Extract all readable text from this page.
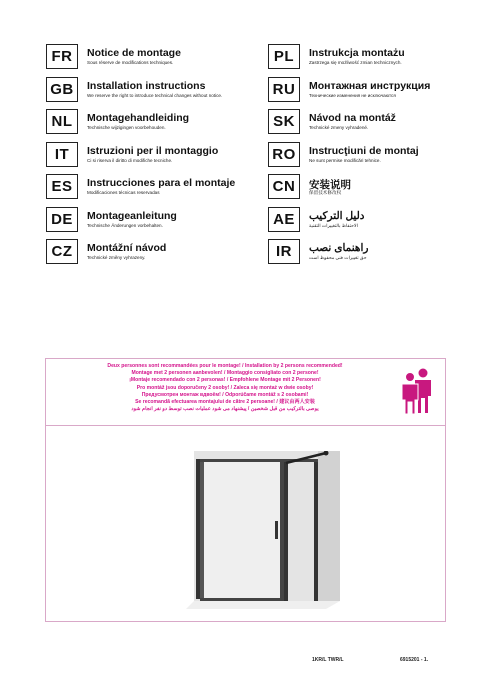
FR	Notice de montage
Sous réserve de modifications techniques.
GB	Installation instructions
We reserve the right to introduce technical changes without notice.
NL	Montagehandleiding
Technische wijzigingen voorbehouden.
IT	Istruzioni per il montaggio
Ci si riserva il diritto di modifiche tecniche.
ES	Instrucciones para el montaje
Modificaciones técnicas reservadas
DE	Montageanleitung
Technische Änderungen vorbehalten.
CZ	Montážní návod
Technické změny vyhrazeny.
PL	Instrukcja montażu
Zastrzega się możliwość zmian technicznych.
RU	Монтажная инструкция
Технические изменения не исключаются
SK	Návod na montáž
Technické zmeny vyhradené.
RO	Instrucţiuni de montaj
Ne sunt permise modificări tehnice.
CN	安装说明
保留技术修改权
AE	دليل التركيب
الاحتفاظ بالتغييرات التقنية
IR	راهنمای نصب
حق تغییرات فنی محفوظ است
Deux personnes sont recommandées pour le montage! / Installation by 2 persons recommended!
Montage met 2 personen aanbevolen! / Montaggio consigliato con 2 persone!
¡Montaje recomendado con 2 personas! / Empfohlene Montage mit 2 Personen!
Pro montáž jsou doporučeny 2 osoby! / Zaleca się montaż w dwie osoby!
Предусмотрен монтаж вдвоём! / Odporúčame montáž s 2 osobami!
Se recomandă efectuarea montajului de către 2 persoane! / 建议由两人安装
يوصى بالتركيب من قبل شخصين / پیشنهاد می شود عملیات نصب توسط دو نفر انجام شود
1KR/L TWR/L	6915201 - 1.
